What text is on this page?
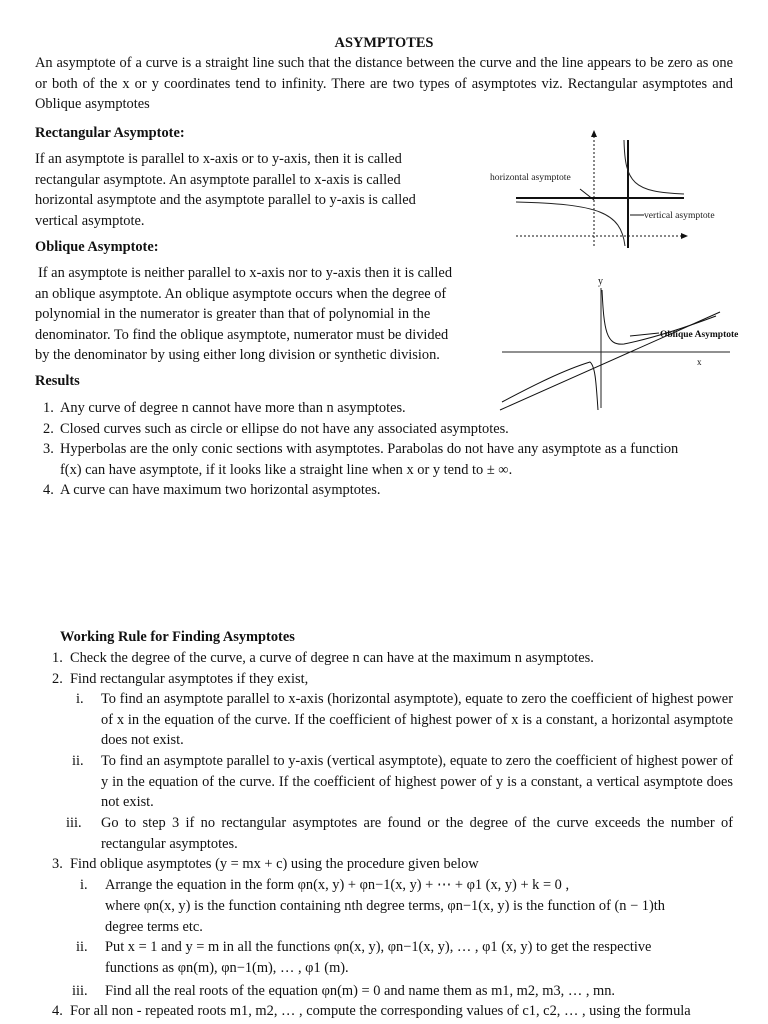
ASYMPTOTES
An asymptote of a curve is a straight line such that the distance between the curve and the line appears to be zero as one or both of the x or y coordinates tend to infinity. There are two types of asymptotes viz. Rectangular asymptotes and Oblique asymptotes
Rectangular Asymptote:
If an asymptote is parallel to x-axis or to y-axis, then it is called
rectangular asymptote. An asymptote parallel to x-axis is called
horizontal asymptote and the asymptote parallel to y-axis is called
vertical asymptote.
Oblique Asymptote:
If an asymptote is neither parallel to x-axis nor to y-axis then it is called
an oblique asymptote. An oblique asymptote occurs when the degree of
polynomial in the numerator is greater than that of polynomial in the
denominator. To find the oblique asymptote, numerator must be divided
by the denominator by using either long division or synthetic division.
horizontal asymptote
vertical asymptote
y
x
Oblique Asymptote
Results
1. Any curve of degree n cannot have more than n asymptotes.
2. Closed curves such as circle or ellipse do not have any associated asymptotes.
3. Hyperbolas are the only conic sections with asymptotes. Parabolas do not have any asymptote as a function
f(x) can have asymptote, if it looks like a straight line when x or y tend to ± ∞.
4. A curve can have maximum two horizontal asymptotes.
Working Rule for Finding Asymptotes
1. Check the degree of the curve, a curve of degree n can have at the maximum n asymptotes.
2. Find rectangular asymptotes if they exist,
i. To find an asymptote parallel to x-axis (horizontal asymptote), equate to zero the coefficient of highest power of x in the equation of the curve. If the coefficient of highest power of x is a constant, a horizontal asymptote does not exist.
ii. To find an asymptote parallel to y-axis (vertical asymptote), equate to zero the coefficient of highest power of y in the equation of the curve. If the coefficient of highest power of y is a constant, a vertical asymptote does not exist.
iii. Go to step 3 if no rectangular asymptotes are found or the degree of the curve exceeds the number of rectangular asymptotes.
3. Find oblique asymptotes (y = mx + c) using the procedure given below
i. Arrange the equation in the form φn(x, y) + φn−1(x, y) + ⋯ + φ1 (x, y) + k = 0 ,
where φn(x, y) is the function containing nth degree terms, φn−1(x, y) is the function of (n − 1)th
degree terms etc.
ii. Put x = 1 and y = m in all the functions φn(x, y), φn−1(x, y), … , φ1 (x, y) to get the respective
functions as φn(m), φn−1(m), … , φ1 (m).
iii. Find all the real roots of the equation φn(m) = 0 and name them as m1, m2, m3, … , mn.
4. For all non - repeated roots m1, m2, … , compute the corresponding values of c1, c2, … , using the formula
